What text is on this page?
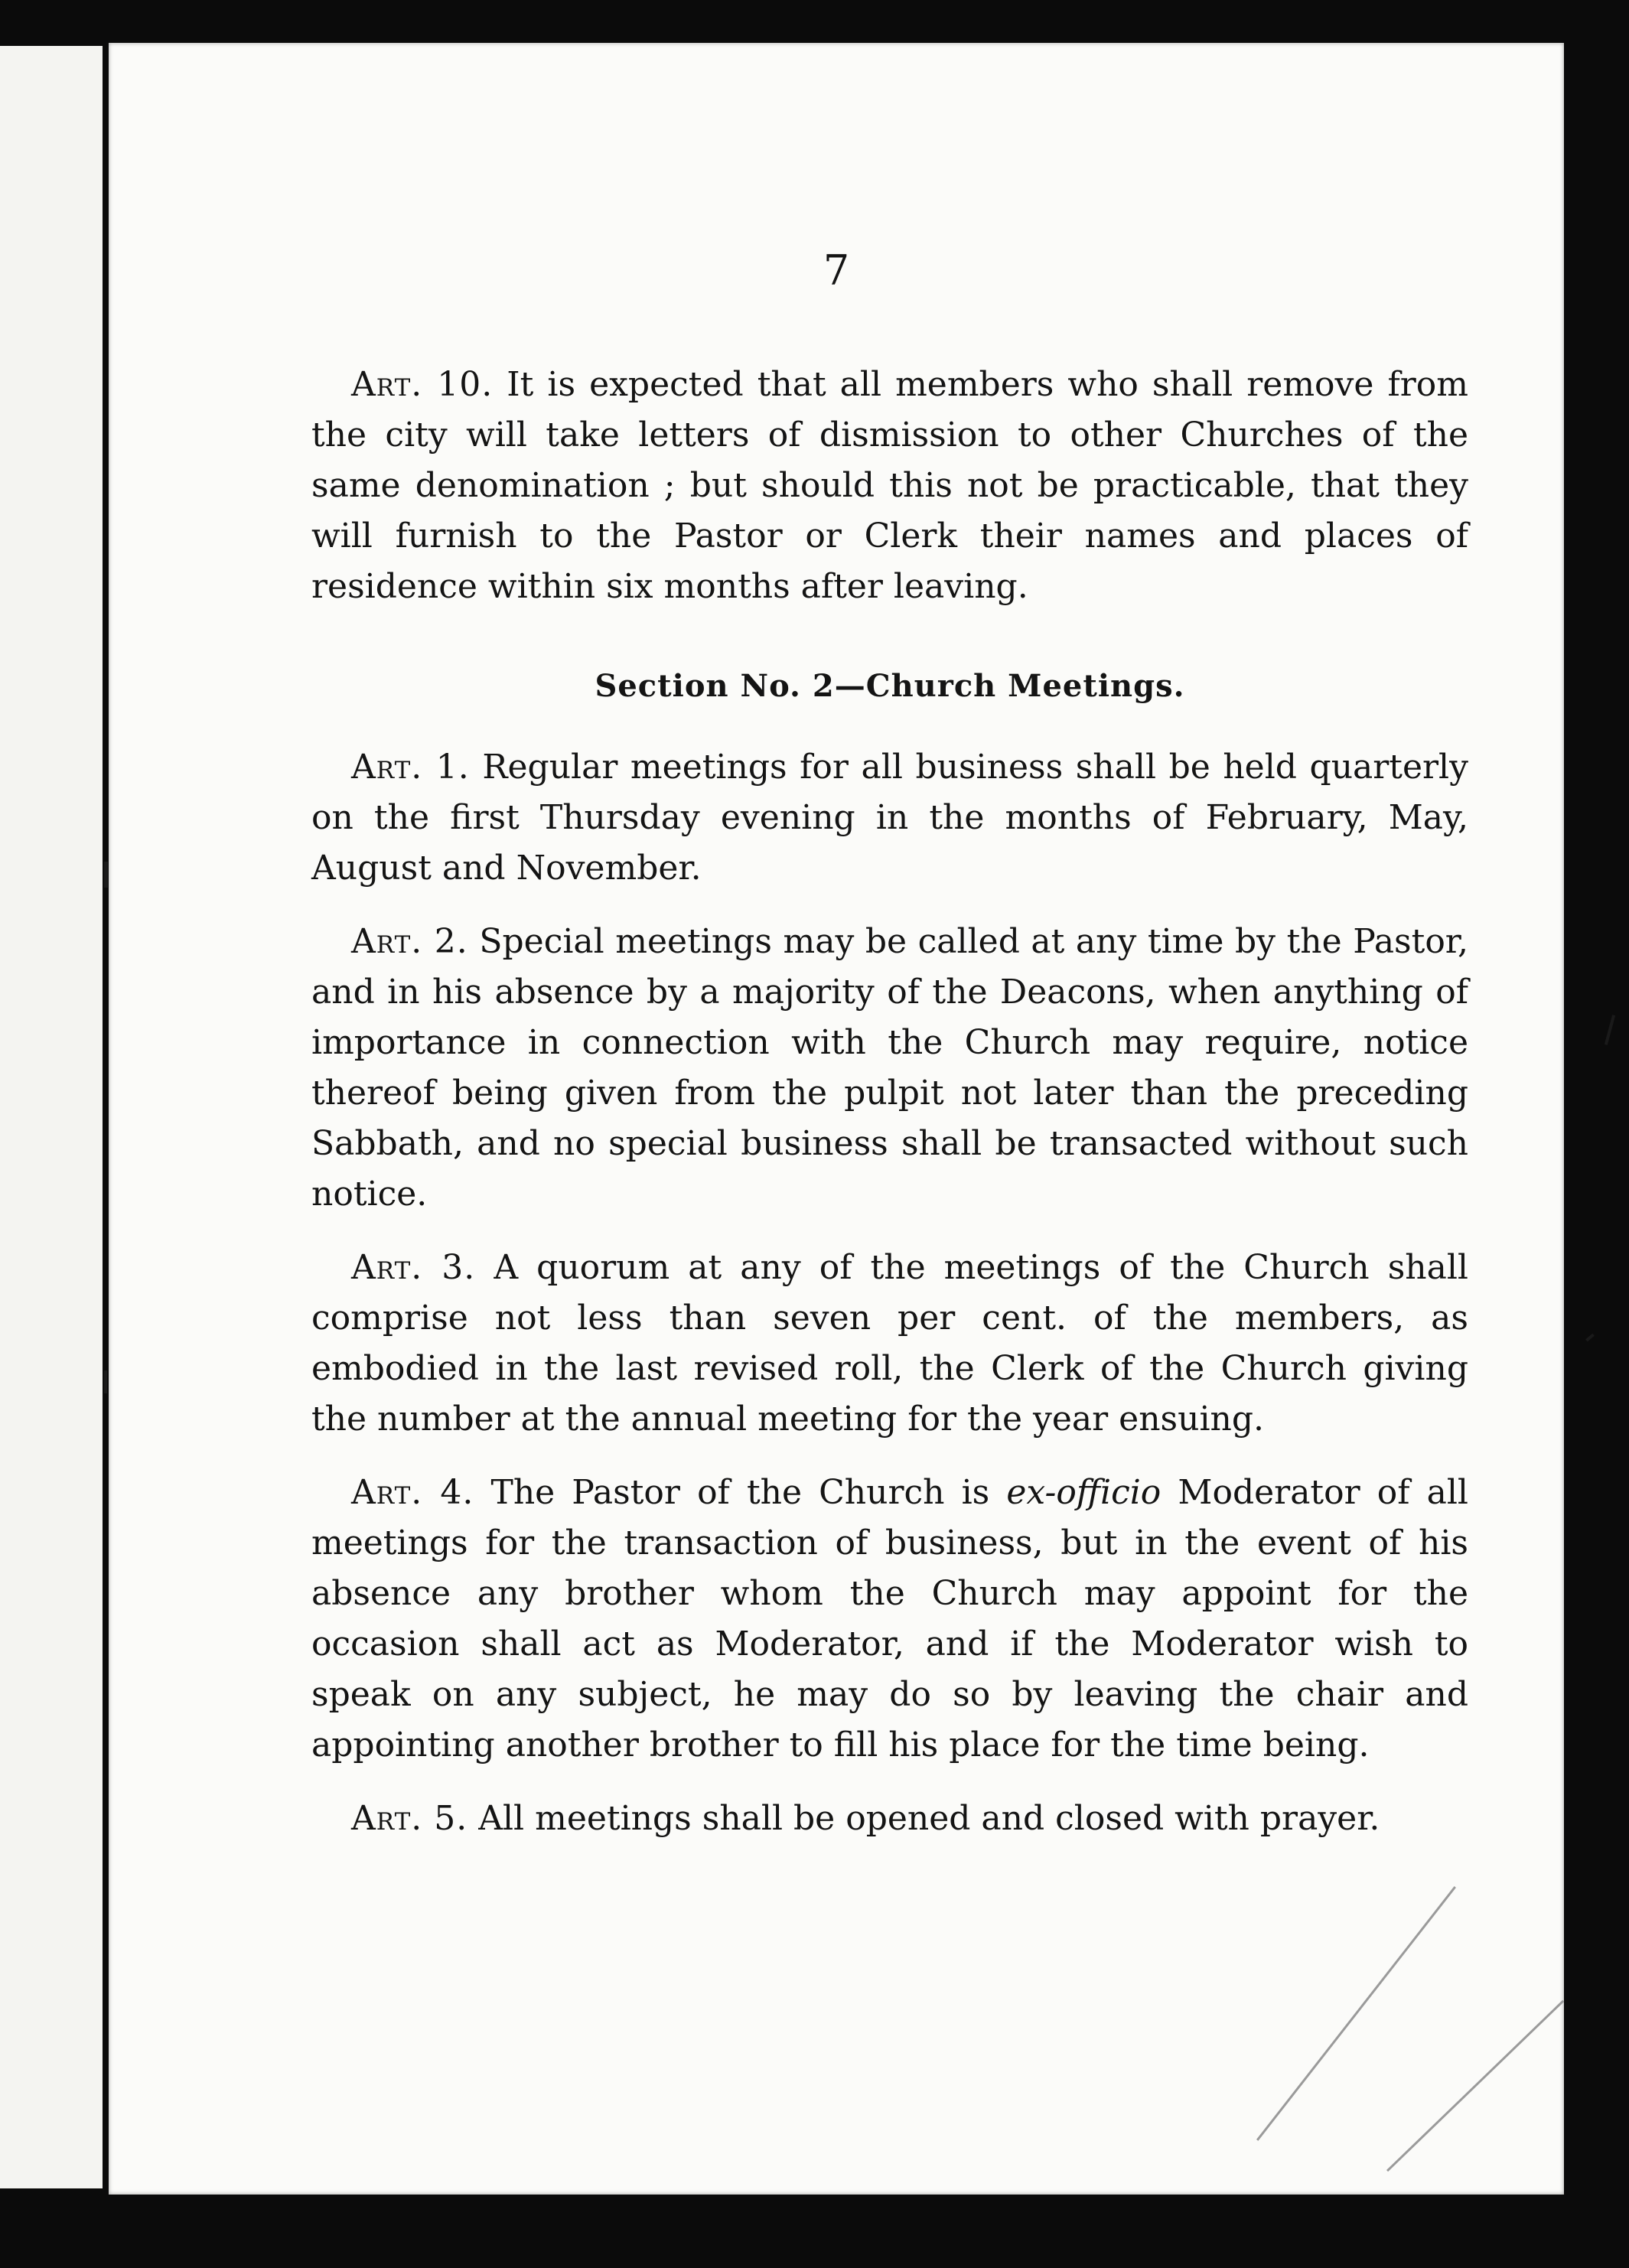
7

Art. 10. It is expected that all members who shall remove from the city will take letters of dismission to other Churches of the same denomination ; but should this not be practicable, that they will furnish to the Pastor or Clerk their names and places of residence within six months after leaving.

Section No. 2—Church Meetings.

Art. 1. Regular meetings for all business shall be held quarterly on the first Thursday evening in the months of February, May, August and November.

Art. 2. Special meetings may be called at any time by the Pastor, and in his absence by a majority of the Deacons, when anything of importance in connection with the Church may require, notice thereof being given from the pulpit not later than the preceding Sabbath, and no special business shall be transacted without such notice.

Art. 3. A quorum at any of the meetings of the Church shall comprise not less than seven per cent. of the members, as embodied in the last revised roll, the Clerk of the Church giving the number at the annual meeting for the year ensuing.

Art. 4. The Pastor of the Church is ex-officio Moderator of all meetings for the transaction of business, but in the event of his absence any brother whom the Church may appoint for the occasion shall act as Moderator, and if the Moderator wish to speak on any subject, he may do so by leaving the chair and appointing another brother to fill his place for the time being.

Art. 5. All meetings shall be opened and closed with prayer.
